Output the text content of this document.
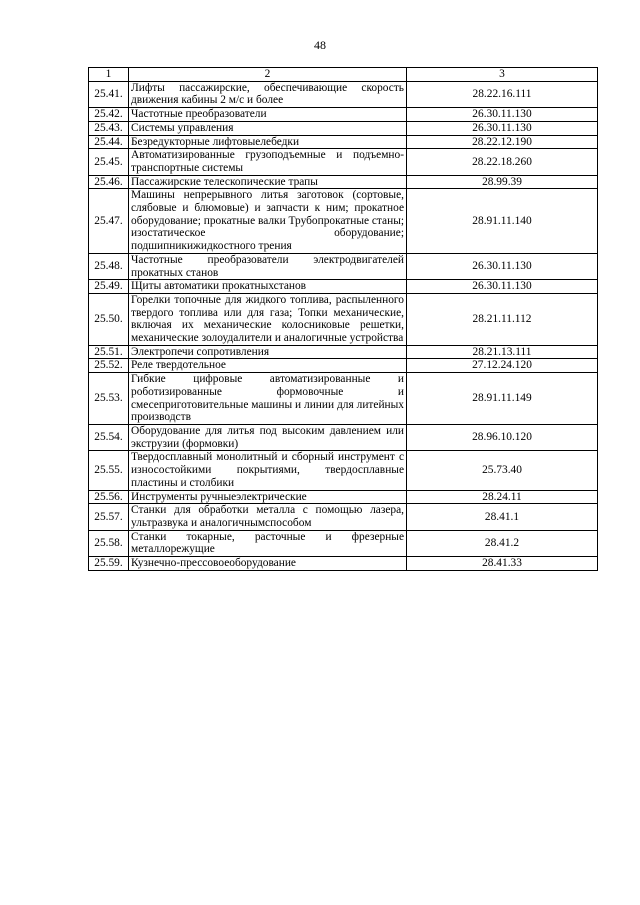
48
1	2	3
25.41.	Лифты пассажирские, обеспечивающие скорость движения кабины 2 м/с и более	28.22.16.111
25.42.	Частотные преобразователи	26.30.11.130
25.43.	Системы управления	26.30.11.130
25.44.	Безредукторные лифтовыелебедки	28.22.12.190
25.45.	Автоматизированные грузоподъемные и подъемно-транспортные системы	28.22.18.260
25.46.	Пассажирские телескопические трапы	28.99.39
25.47.	Машины непрерывного литья заготовок (сортовые, слябовые и блюмовые) и запчасти к ним; прокатное оборудование; прокатные валки Трубопрокатные станы; изостатическое оборудование; подшипникижидкостного трения	28.91.11.140
25.48.	Частотные преобразователи электродвигателей прокатных станов	26.30.11.130
25.49.	Щиты автоматики прокатныхстанов	26.30.11.130
25.50.	Горелки топочные для жидкого топлива, распыленного твердого топлива или для газа; Топки механические, включая их механические колосниковые решетки, механические золоудалители и аналогичные устройства	28.21.11.112
25.51.	Электропечи сопротивления	28.21.13.111
25.52.	Реле твердотельное	27.12.24.120
25.53.	Гибкие цифровые автоматизированные и роботизированные формовочные и смесеприготовительные машины и линии для литейных производств	28.91.11.149
25.54.	Оборудование для литья под высоким давлением или экструзии (формовки)	28.96.10.120
25.55.	Твердосплавный монолитный и сборный инструмент с износостойкими покрытиями, твердосплавные пластины и столбики	25.73.40
25.56.	Инструменты ручныеэлектрические	28.24.11
25.57.	Станки для обработки металла с помощью лазера, ультразвука и аналогичнымспособом	28.41.1
25.58.	Станки токарные, расточные и фрезерные металлорежущие	28.41.2
25.59.	Кузнечно-прессовоеоборудование	28.41.33
